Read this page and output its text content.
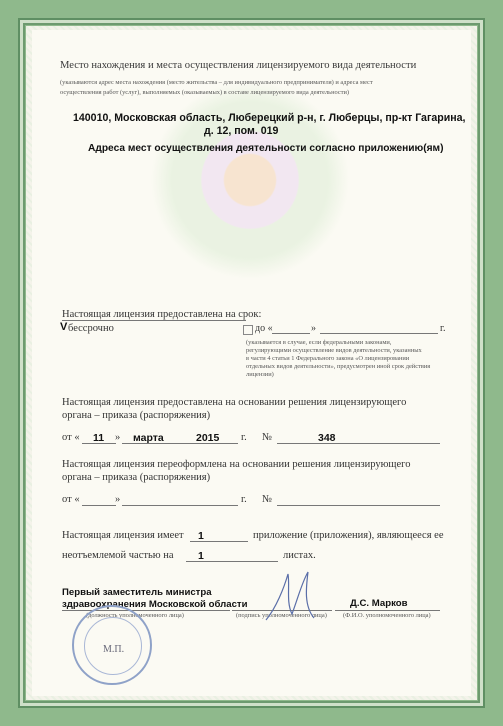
Место нахождения и места осуществления лицензируемого вида деятельности
(указываются адрес места нахождения (место жительства – для индивидуального предпринимателя) и адреса мест
осуществления работ (услуг), выполняемых (оказываемых) в составе лицензируемого вида деятельности)
140010, Московская область, Люберецкий р-н, г. Люберцы, пр-кт Гагарина,
д. 12, пом. 019
Адреса мест осуществления деятельности согласно приложению(ям)
Настоящая лицензия предоставлена на срок:
V бессрочно	до «	»	г.
(указывается в случае, если федеральными законами,
регулирующими осуществление видов деятельности, указанных
в части 4 статьи 1 Федерального закона «О лицензировании
отдельных видов деятельности», предусмотрен иной срок действия
лицензии)
Настоящая лицензия предоставлена на основании решения лицензирующего
органа – приказа (распоряжения)
от « 11 » марта	2015 г. №	348
Настоящая лицензия переоформлена на основании решения лицензирующего
органа – приказа (распоряжения)
от «	»	г. №
Настоящая лицензия имеет 1	приложение (приложения), являющееся ее
неотъемлемой частью на 1	листах.
Первый заместитель министра
здравоохранения Московской области
(должность уполномоченного лица)	(подпись уполномоченного лица)
Д.С. Марков
(Ф.И.О. уполномоченного лица)
М.П.
